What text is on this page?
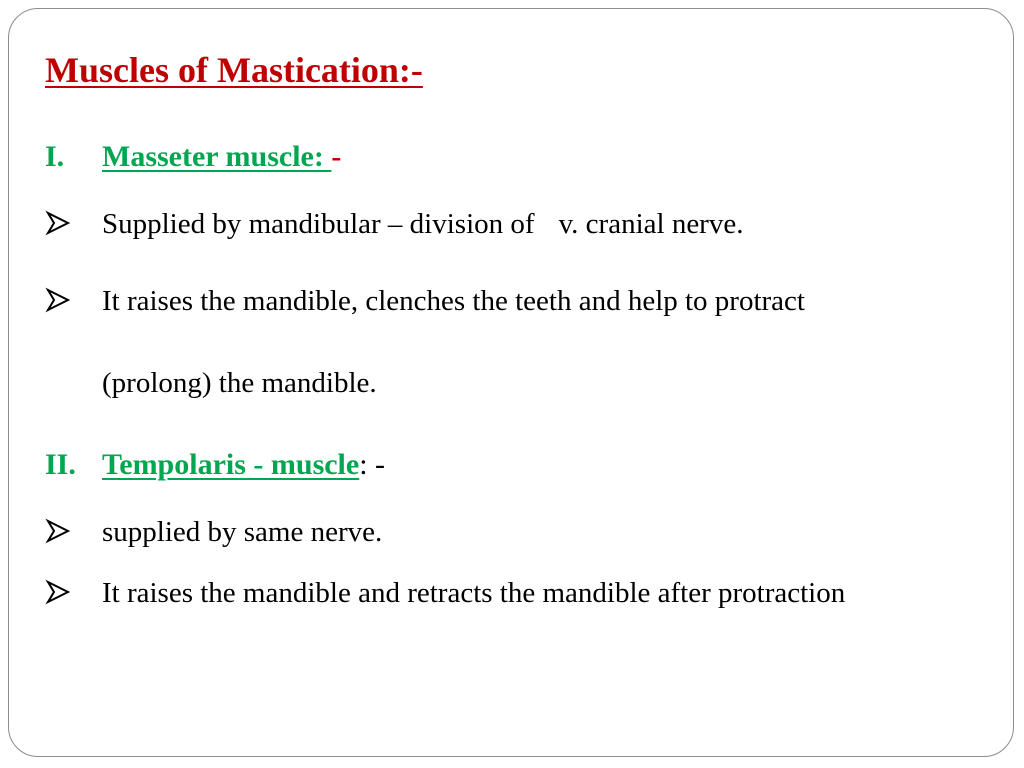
Muscles of Mastication:-
I. Masseter muscle: -
Supplied by mandibular – division of v. cranial nerve.
It raises the mandible, clenches the teeth and help to protract
(prolong) the mandible.
II. Tempolaris - muscle: -
supplied by same nerve.
It raises the mandible and retracts the mandible after protraction
